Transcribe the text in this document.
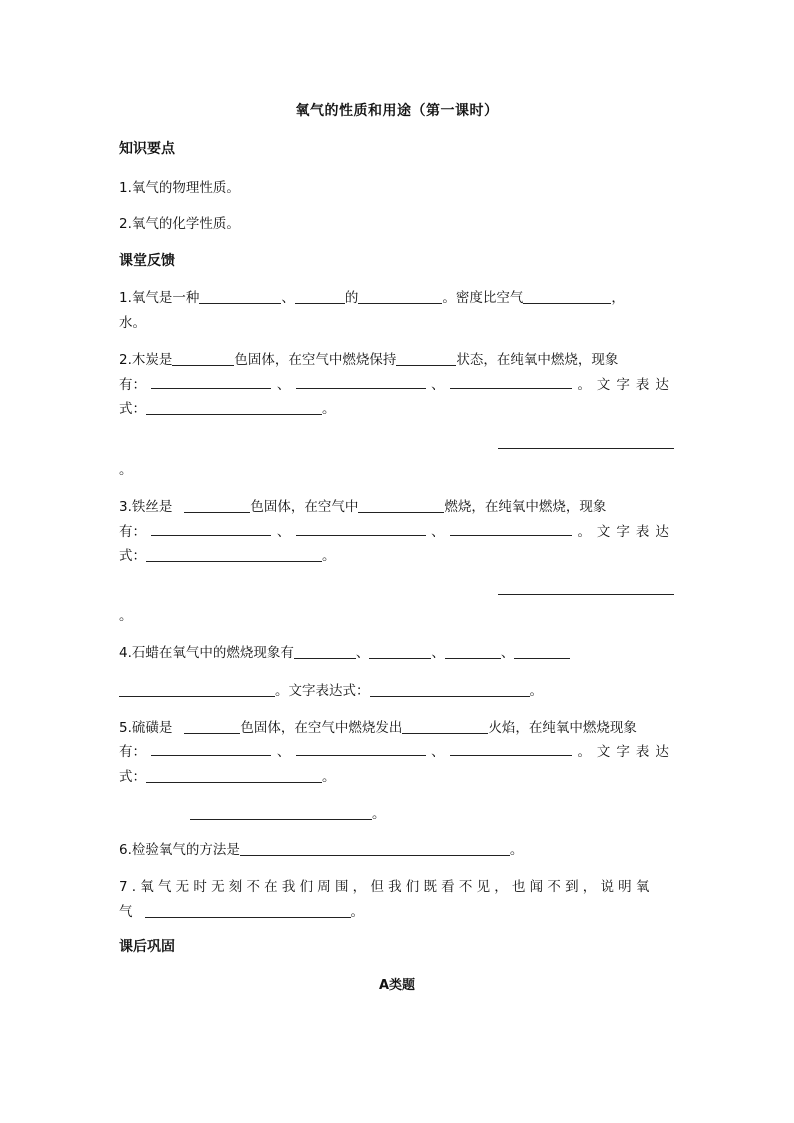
氧气的性质和用途（第一课时）
知识要点
1.氧气的物理性质。
2.氧气的化学性质。
课堂反馈
1.氧气是一种	、	的	。密度比空气	，
水。
2.木炭是	色固体，在空气中燃烧保持	状态，在纯氧中燃烧，现象
有：	、	、	。文字表达
式：	。
。
3.铁丝是	色固体，在空气中	燃烧，在纯氧中燃烧，现象
有：	、	、	。文字表达
式：	。
。
4.石蜡在氧气中的燃烧现象有	、	、	、
。文字表达式：	。
5.硫磺是	色固体，在空气中燃烧发出	火焰，在纯氧中燃烧现象
有：	、	、	。文字表达
式：	。
。
6.检验氧气的方法是	。
7.氧气无时无刻不在我们周围，但我们既看不见，也闻不到，说明氧
气	。
课后巩固
A类题
